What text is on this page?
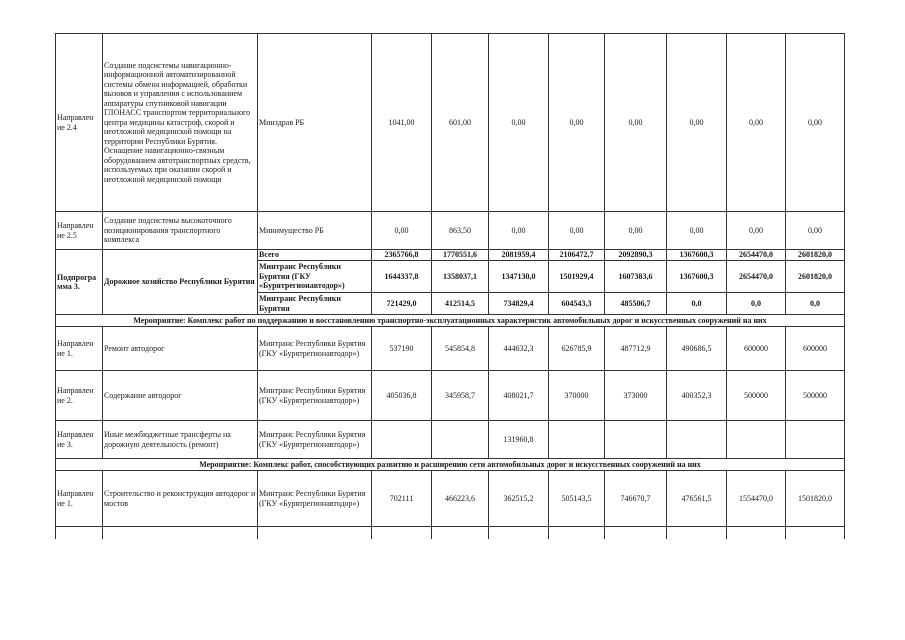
Направлен ие 2.4	Создание подсистемы навигационно-информационной автоматизированной системы обмена информацией, обработки вызовов и управления с использованием аппаратуры спутниковой навигации ГЛОНАСС транспортом территориального центра медицины катастроф, скорой и неотложной медицинской помощи на территории Республики Бурятия. Оснащение навигационно-связным оборудованием автотранспортных средств, используемых при оказании скорой и неотложной медицинской помощи	Минздрав РБ	1041,00	601,00	0,00	0,00	0,00	0,00	0,00	0,00
Направлен ие 2.5	Создание подсистемы высокоточного позиционирования транспортного комплекса	Минимущество РБ	0,00	863,50	0,00	0,00	0,00	0,00	0,00	0,00
Подпрогра мма 3.	Дорожное хозяйство Республики Бурятия	Всего	2365766,8	1770551,6	2081959,4	2106472,7	2092890,3	1367600,3	2654470,0	2601820,0
		Минтранс Республики Бурятия (ГКУ «Бурятрегионавтодор»)	1644337,8	1358037,1	1347130,0	1501929,4	1607383,6	1367600,3	2654470,0	2601820,0
		Минтранс Республики Бурятия	721429,0	412514,5	734829,4	604543,3	485506,7	0,0	0,0	0,0
Мероприятие: Комплекс работ по поддержанию и восстановлению транспортно-эксплуатационных характеристик автомобильных дорог и искусственных сооружений на них										
Направлен ие 1.	Ремонт автодорог	Минтранс Республики Бурятия (ГКУ «Бурятрегионавтодор»)	537190	545854,8	444632,3	626785,9	487712,9	490686,5	600000	600000
Направлен ие 2.	Содержание автодорог	Минтранс Республики Бурятия (ГКУ «Бурятрегионавтодор»)	405036,8	345958,7	408021,7	370000	373000	400352,3	500000	500000
Направлен ие 3.	Иные межбюджетные трансферты на дорожную деятельность (ремонт)	Минтранс Республики Бурятия (ГКУ «Бурятрегионавтодор»)			131960,8					
Мероприятие: Комплекс работ, способствующих развитию и расширению сети автомобильных дорог и искусственных сооружений на них										
Направлен ие 1.	Строительство и реконструкция автодорог и мостов	Минтранс Республики Бурятия (ГКУ «Бурятрегионавтодор»)	702111	466223,6	362515,2	505143,5	746670,7	476561,5	1554470,0	1501820,0
